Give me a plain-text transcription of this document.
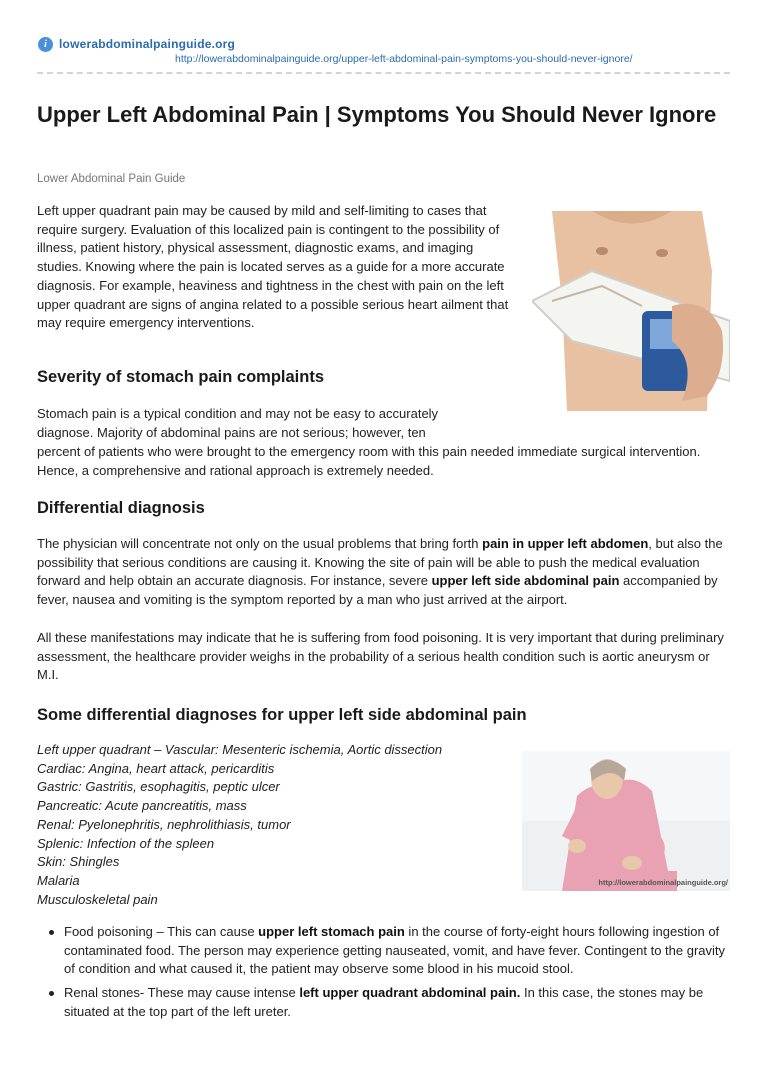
i	lowerabdominalpainguide.org
http://lowerabdominalpainguide.org/upper-left-abdominal-pain-symptoms-you-should-never-ignore/
Upper Left Abdominal Pain | Symptoms You Should Never Ignore
Lower Abdominal Pain Guide

Left upper quadrant pain may be caused by mild and self-limiting to cases that require surgery. Evaluation of this localized pain is contingent to the possibility of illness, patient history, physical assessment, diagnostic exams, and imaging studies. Knowing where the pain is located serves as a guide for a more accurate diagnosis. For example, heaviness and tightness in the chest with pain on the left upper quadrant are signs of angina related to a possible serious heart ailment that may require emergency interventions.

Severity of stomach pain complaints
Stomach pain is a typical condition and may not be easy to accurately
diagnose. Majority of abdominal pains are not serious; however, ten
percent of patients who were brought to the emergency room with this pain needed immediate surgical intervention. Hence, a comprehensive and rational approach is extremely needed.
Differential diagnosis

The physician will concentrate not only on the usual problems that bring forth pain in upper left abdomen, but also the possibility that serious conditions are causing it. Knowing the site of pain will be able to push the medical evaluation forward and help obtain an accurate diagnosis. For instance, severe upper left side abdominal pain accompanied by fever, nausea and vomiting is the symptom reported by a man who just arrived at the airport.

All these manifestations may indicate that he is suffering from food poisoning. It is very important that during preliminary assessment, the healthcare provider weighs in the probability of a serious health condition such is aortic aneurysm or M.I.

Some differential diagnoses for upper left side abdominal pain
Left upper quadrant – Vascular: Mesenteric ischemia, Aortic dissection
Cardiac: Angina, heart attack, pericarditis
Gastric: Gastritis, esophagitis, peptic ulcer
Pancreatic: Acute pancreatitis, mass
Renal: Pyelonephritis, nephrolithiasis, tumor
Splenic: Infection of the spleen
Skin: Shingles
Malaria
Musculoskeletal pain
http://lowerabdominalpainguide.org/
Food poisoning – This can cause upper left stomach pain in the course of forty-eight hours following ingestion of contaminated food. The person may experience getting nauseated, vomit, and have fever. Contingent to the gravity of condition and what caused it, the patient may observe some blood in his mucoid stool.
Renal stones- These may cause intense left upper quadrant abdominal pain. In this case, the stones may be situated at the top part of the left ureter.
